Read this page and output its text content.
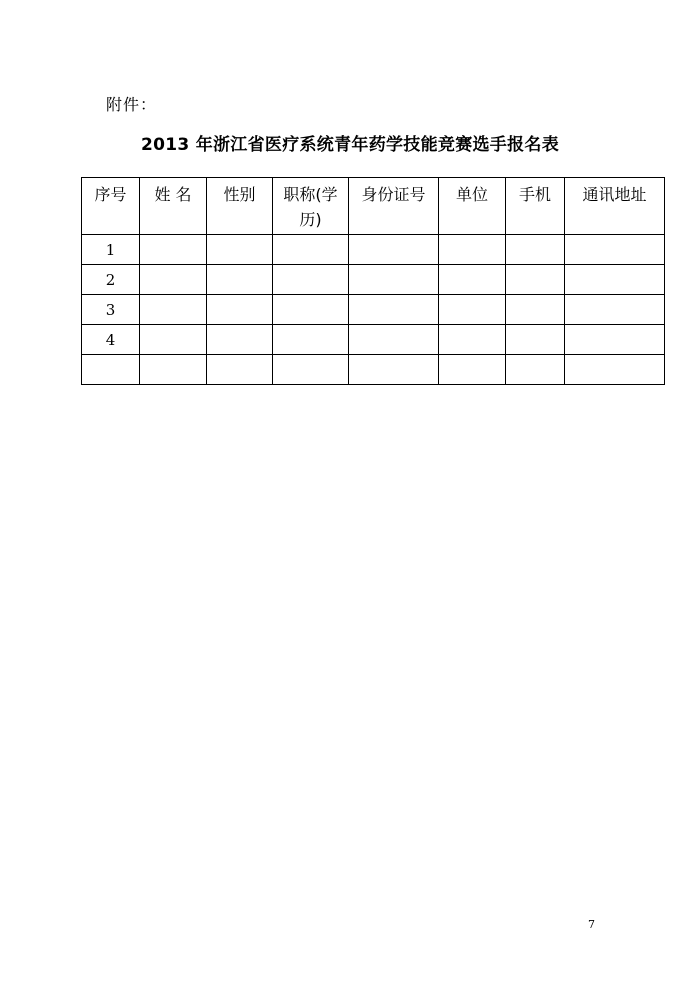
附件：
2013 年浙江省医疗系统青年药学技能竞赛选手报名表
序号	姓 名	性别	职称(学历)	身份证号	单位	手机	通讯地址
1							
2							
3							
4							

7
